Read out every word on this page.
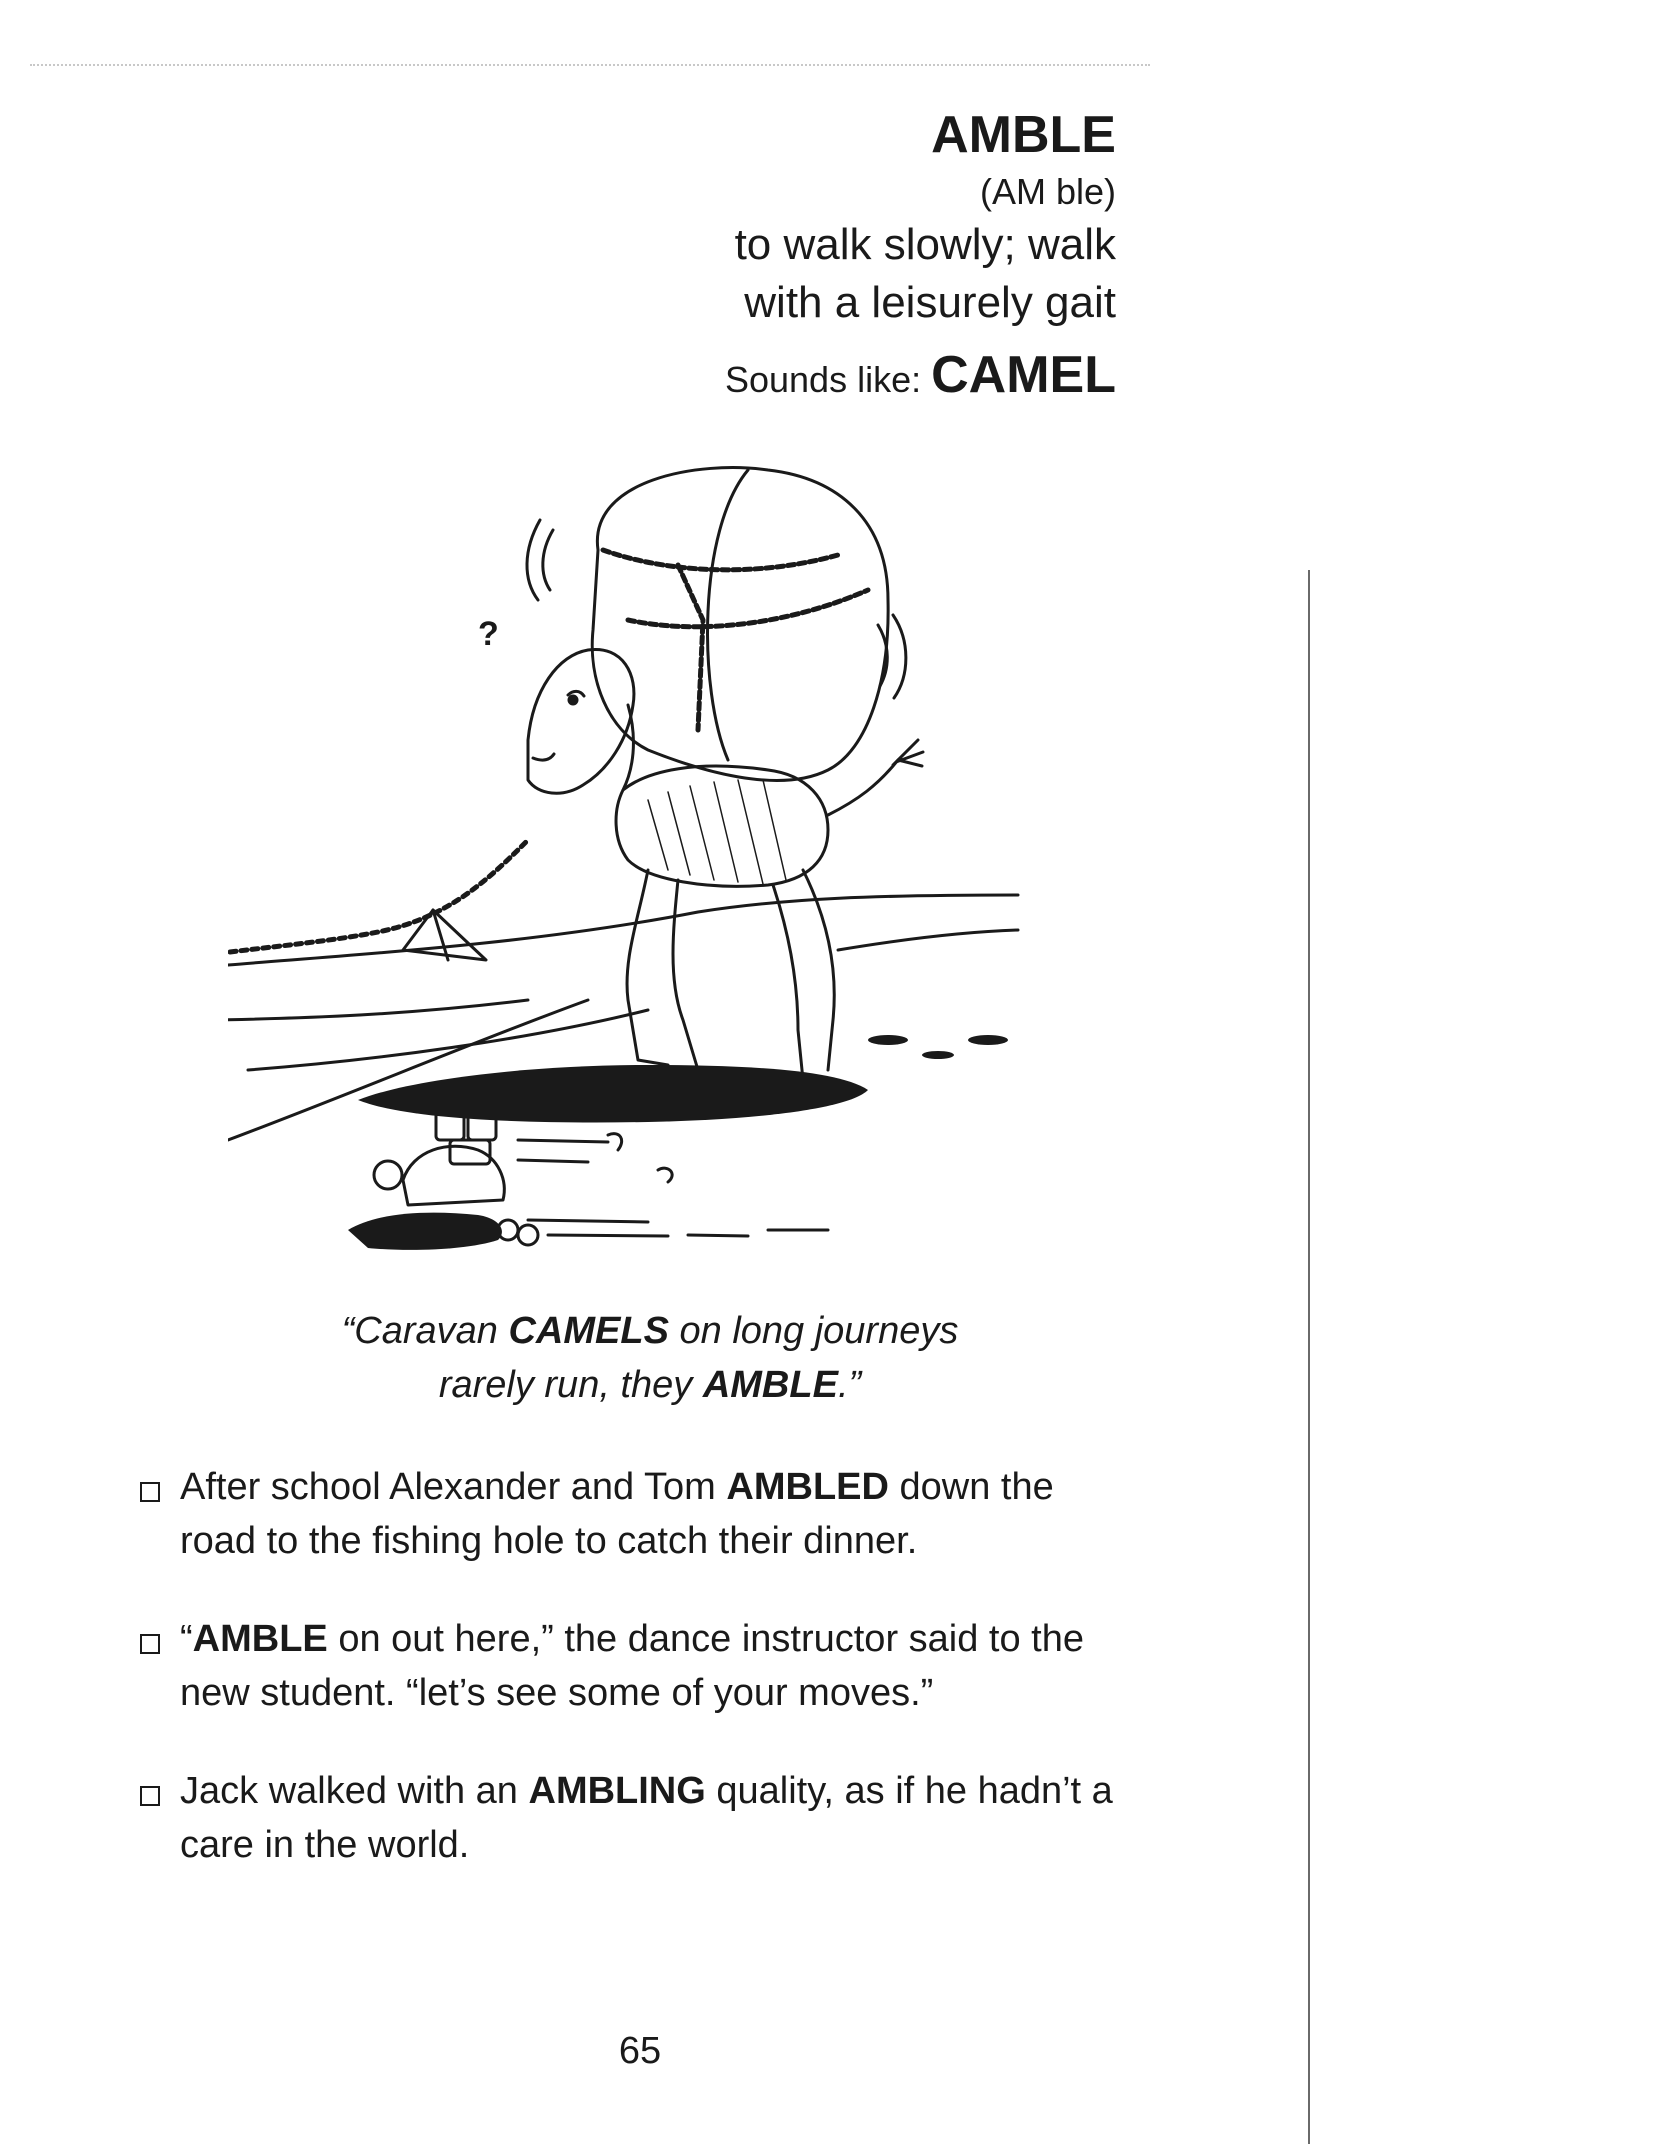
AMBLE
(AM ble)
to walk slowly; walk
with a leisurely gait
Sounds like: CAMEL
?
“Caravan CAMELS on long journeys
rarely run, they AMBLE.”
After school Alexander and Tom AMBLED down the road to the fishing hole to catch their dinner.
“AMBLE on out here,” the dance instructor said to the new student. “let’s see some of your moves.”
Jack walked with an AMBLING quality, as if he hadn’t a care in the world.
65
